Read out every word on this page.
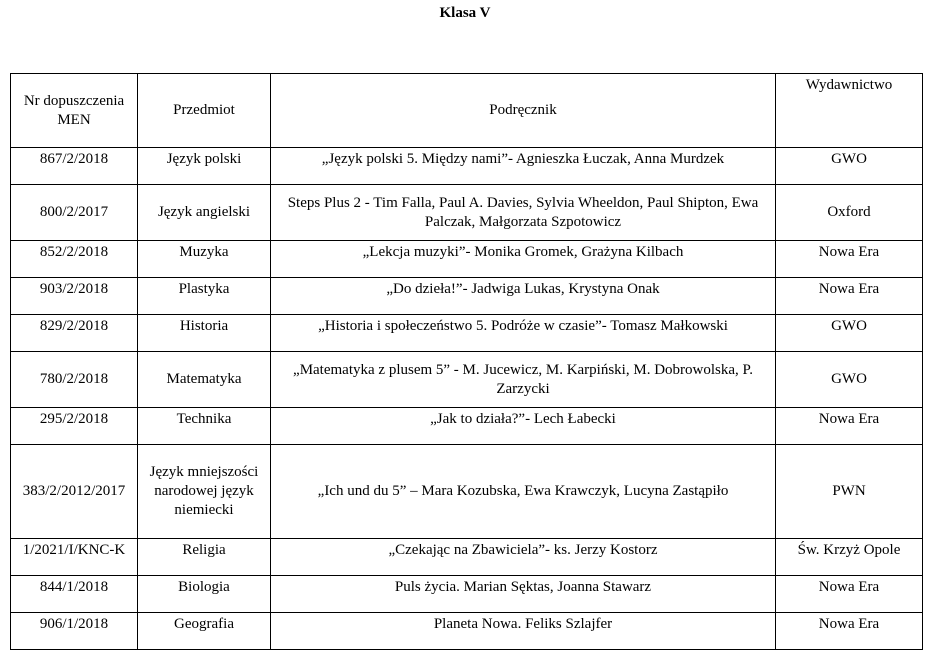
Klasa V
Nr dopuszczenia MEN	Przedmiot	Podręcznik	Wydawnictwo
867/2/2018	Język polski	„Język polski 5. Między nami”- Agnieszka Łuczak, Anna Murdzek	GWO
800/2/2017	Język angielski	Steps Plus 2 - Tim Falla, Paul A. Davies, Sylvia Wheeldon, Paul Shipton, Ewa Palczak, Małgorzata Szpotowicz	Oxford
852/2/2018	Muzyka	„Lekcja muzyki”- Monika Gromek, Grażyna Kilbach	Nowa Era
903/2/2018	Plastyka	„Do dzieła!”- Jadwiga Lukas, Krystyna Onak	Nowa Era
829/2/2018	Historia	„Historia i społeczeństwo 5. Podróże w czasie”- Tomasz Małkowski	GWO
780/2/2018	Matematyka	„Matematyka z plusem 5” - M. Jucewicz, M. Karpiński, M. Dobrowolska, P. Zarzycki	GWO
295/2/2018	Technika	„Jak to działa?”- Lech Łabecki	Nowa Era
383/2/2012/2017	Język mniejszości narodowej język niemiecki	„Ich und du 5” – Mara Kozubska, Ewa Krawczyk, Lucyna Zastąpiło	PWN
1/2021/I/KNC-K	Religia	„Czekając na Zbawiciela”- ks. Jerzy Kostorz	Św. Krzyż Opole
844/1/2018	Biologia	Puls życia. Marian Sęktas, Joanna Stawarz	Nowa Era
906/1/2018	Geografia	Planeta Nowa. Feliks Szlajfer	Nowa Era
